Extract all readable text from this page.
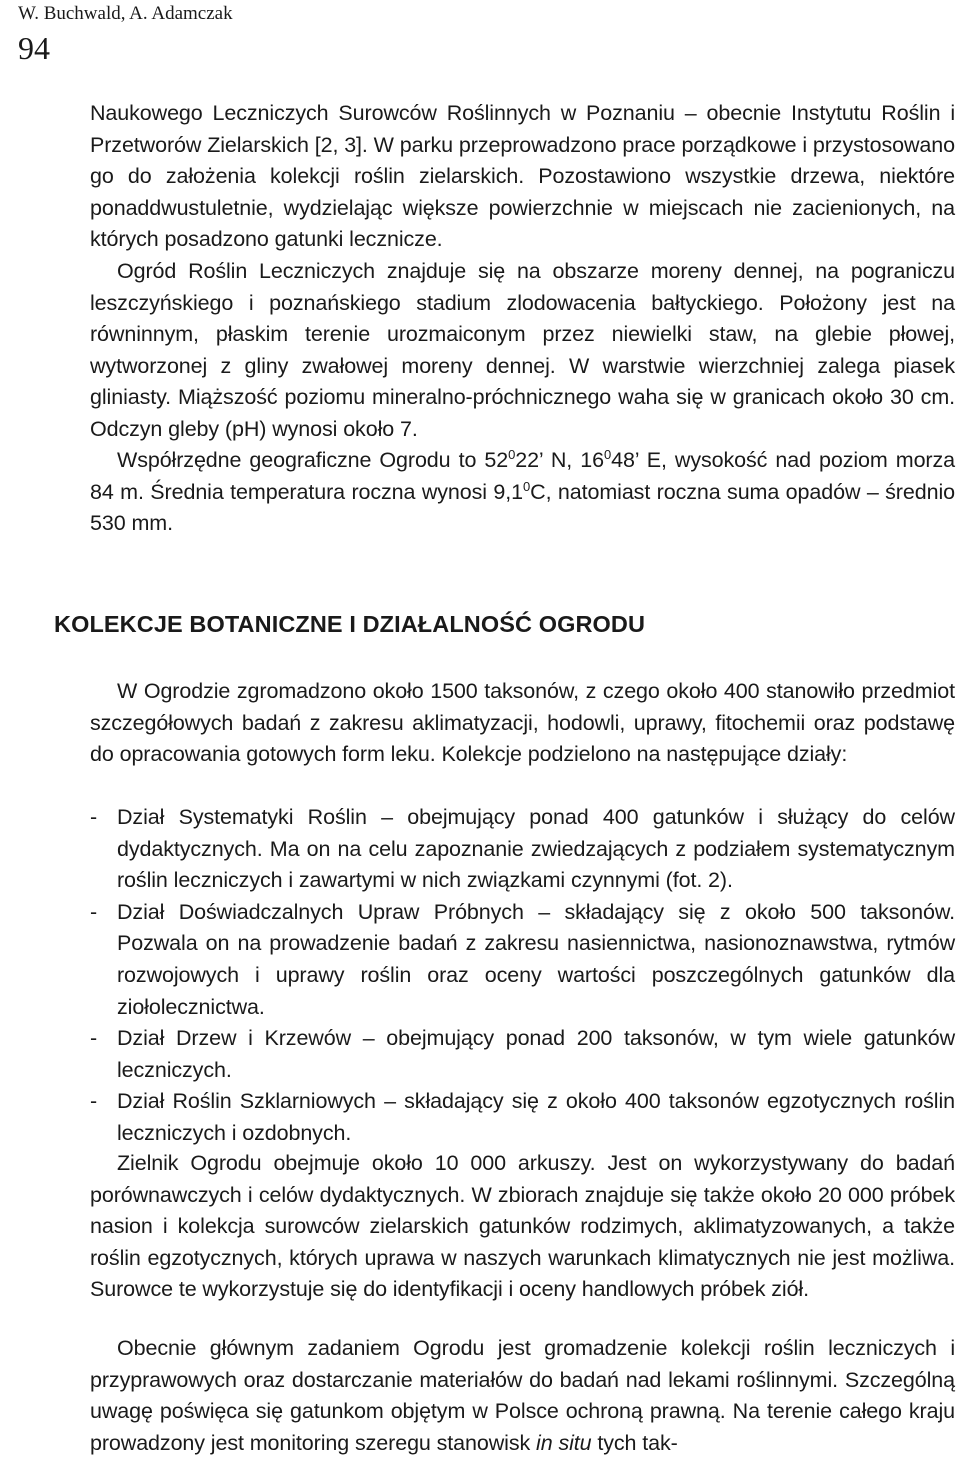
W. Buchwald, A. Adamczak
94
Naukowego Leczniczych Surowców Roślinnych w Poznaniu – obecnie Instytutu Roślin i Przetworów Zielarskich [2, 3]. W parku przeprowadzono prace porządkowe i przystosowano go do założenia kolekcji roślin zielarskich. Pozostawiono wszystkie drzewa, niektóre ponaddwustuletnie, wydzielając większe powierzchnie w miejscach nie zacienionych, na których posadzono gatunki lecznicze.
Ogród Roślin Leczniczych znajduje się na obszarze moreny dennej, na pograniczu leszczyńskiego i poznańskiego stadium zlodowacenia bałtyckiego. Położony jest na równinnym, płaskim terenie urozmaiconym przez niewielki staw, na glebie płowej, wytworzonej z gliny zwałowej moreny dennej. W warstwie wierzchniej zalega piasek gliniasty. Miąższość poziomu mineralno-próchnicznego waha się w granicach około 30 cm. Odczyn gleby (pH) wynosi około 7.
Współrzędne geograficzne Ogrodu to $52^022$’ N, $16^048$’ E, wysokość nad poziom morza 84 m. Średnia temperatura roczna wynosi $9,1^0C$, natomiast roczna suma opadów – średnio 530 mm.
KOLEKCJE BOTANICZNE I DZIAŁALNOŚĆ OGRODU
W Ogrodzie zgromadzono około 1500 taksonów, z czego około 400 stanowiło przedmiot szczegółowych badań z zakresu aklimatyzacji, hodowli, uprawy, fitochemii oraz podstawę do opracowania gotowych form leku. Kolekcje podzielono na następujące działy:
- Dział Systematyki Roślin – obejmujący ponad 400 gatunków i służący do celów dydaktycznych. Ma on na celu zapoznanie zwiedzających z podziałem systematycznym roślin leczniczych i zawartymi w nich związkami czynnymi (fot. 2).
- Dział Doświadczalnych Upraw Próbnych – składający się z około 500 taksonów. Pozwala on na prowadzenie badań z zakresu nasiennictwa, nasionoznawstwa, rytmów rozwojowych i uprawy roślin oraz oceny wartości poszczególnych gatunków dla ziołolecznictwa.
- Dział Drzew i Krzewów – obejmujący ponad 200 taksonów, w tym wiele gatunków leczniczych.
- Dział Roślin Szklarniowych – składający się z około 400 taksonów egzotycznych roślin leczniczych i ozdobnych.
Zielnik Ogrodu obejmuje około 10 000 arkuszy. Jest on wykorzystywany do badań porównawczych i celów dydaktycznych. W zbiorach znajduje się także około 20 000 próbek nasion i kolekcja surowców zielarskich gatunków rodzimych, aklimatyzowanych, a także roślin egzotycznych, których uprawa w naszych warunkach klimatycznych nie jest możliwa. Surowce te wykorzystuje się do identyfikacji i oceny handlowych próbek ziół.
Obecnie głównym zadaniem Ogrodu jest gromadzenie kolekcji roślin leczniczych i przyprawowych oraz dostarczanie materiałów do badań nad lekami roślinnymi. Szczególną uwagę poświęca się gatunkom objętym w Polsce ochroną prawną. Na terenie całego kraju prowadzony jest monitoring szeregu stanowisk in situ tych tak-
